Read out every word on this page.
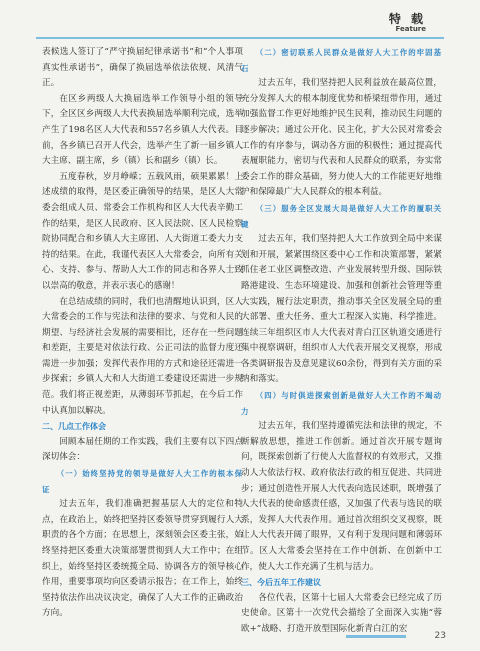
特 载
Feature

表候选人签订了“严守换届纪律承诺书”和“个人事项真实性承诺书”，确保了换届选举依法依规、风清气正。

在区乡两级人大换届选举工作领导小组的领导下，全区区乡两级人大代表换届选举顺利完成，选举产生了198名区人大代表和557名乡镇人大代表。目前，各乡镇已召开人代会，选举产生了新一届乡镇人大主席、副主席，乡（镇）长和副乡（镇）长。

五度春秋，岁月峥嵘；五载风雨，硕果累累！上述成绩的取得，是区委正确领导的结果，是区人大常委会组成人员、常委会工作机构和区人大代表辛勤工作的结果，是区人民政府、区人民法院、区人民检察院协同配合和乡镇人大主席团、人大街道工委大力支持的结果。在此，我谨代表区人大常委会，向所有关心、支持、参与、帮助人大工作的同志和各界人士致以崇高的敬意，并表示衷心的感谢！

在总结成绩的同时，我们也清醒地认识到，区人大常委会的工作与宪法和法律的要求、与党和人民的期望、与经济社会发展的需要相比，还存在一些问题和差距，主要是对依法行政、公正司法的监督力度还需进一步加强；发挥代表作用的方式和途径还需进一步探索；乡镇人大和人大街道工委建设还需进一步规范。我们将正视差距，从薄弱环节抓起，在今后工作中认真加以解决。

二、几点工作体会

回顾本届任期的工作实践，我们主要有以下四点深切体会：

（一）始终坚持党的领导是做好人大工作的根本保证

过去五年，我们准确把握基层人大的定位和特点，在政治上，始终把坚持区委领导贯穿到履行人大职责的各个方面；在思想上，深刻领会区委主张，始终坚持把区委重大决策部署贯彻到人大工作中；在组织上，始终坚持区委统揽全局、协调各方的领导核心作用，重要事项均向区委请示报告；在工作上，始终坚持依法作出决议决定，确保了人大工作的正确政治方向。

（二）密切联系人民群众是做好人大工作的牢固基石

过去五年，我们坚持把人民利益放在最高位置，充分发挥人大的根本制度优势和桥梁纽带作用，通过加强监督工作更好地维护民生民利，推动民生问题的逐步解决；通过公开化、民主化，扩大公民对常委会工作的有序参与，调动各方面的积极性；通过提高代表履职能力，密切与代表和人民群众的联系，夯实常委会工作的群众基础，努力使人大的工作能更好地维护和保障最广大人民群众的根本利益。

（三）服务全区发展大局是做好人大工作的履职关键

过去五年，我们坚持把人大工作放到全局中来谋划和开展，紧紧围绕区委中心工作和决策部署，紧紧抓住老工业区调整改造、产业发展转型升级、国际铁路港建设、生态环境建设、加强和创新社会管理等重大实践，履行法定职责，推动事关全区发展全局的重大部署、重大任务、重大工程深入实施、科学推进。连续三年组织区市人大代表对青白江区轨道交通进行集中视察调研，组织市人大代表开展交叉视察，形成各类调研报告及意见建议60余份，得到有关方面的采纳和落实。

（四）与时俱进探索创新是做好人大工作的不竭动力

过去五年，我们坚持遵循宪法和法律的规定，不断解放思想，推进工作创新。通过首次开展专题询问，既探索创新了行使人大监督权的有效形式，又推动人大依法行权、政府依法行政的相互促进、共同进步；通过创造性开展人大代表向选民述职，既增强了人大代表的使命感责任感，又加强了代表与选民的联系，发挥人大代表作用。通过首次组织交叉视察，既让人大代表开阔了眼界，又有利于发现问题和薄弱环节。区人大常委会坚持在工作中创新、在创新中工作，使人大工作充满了生机与活力。

三、今后五年工作建议

各位代表，区第十七届人大常委会已经完成了历史使命。区第十一次党代会描绘了全面深入实施“蓉欧+”战略、打造开放型国际化新青白江的宏

23
